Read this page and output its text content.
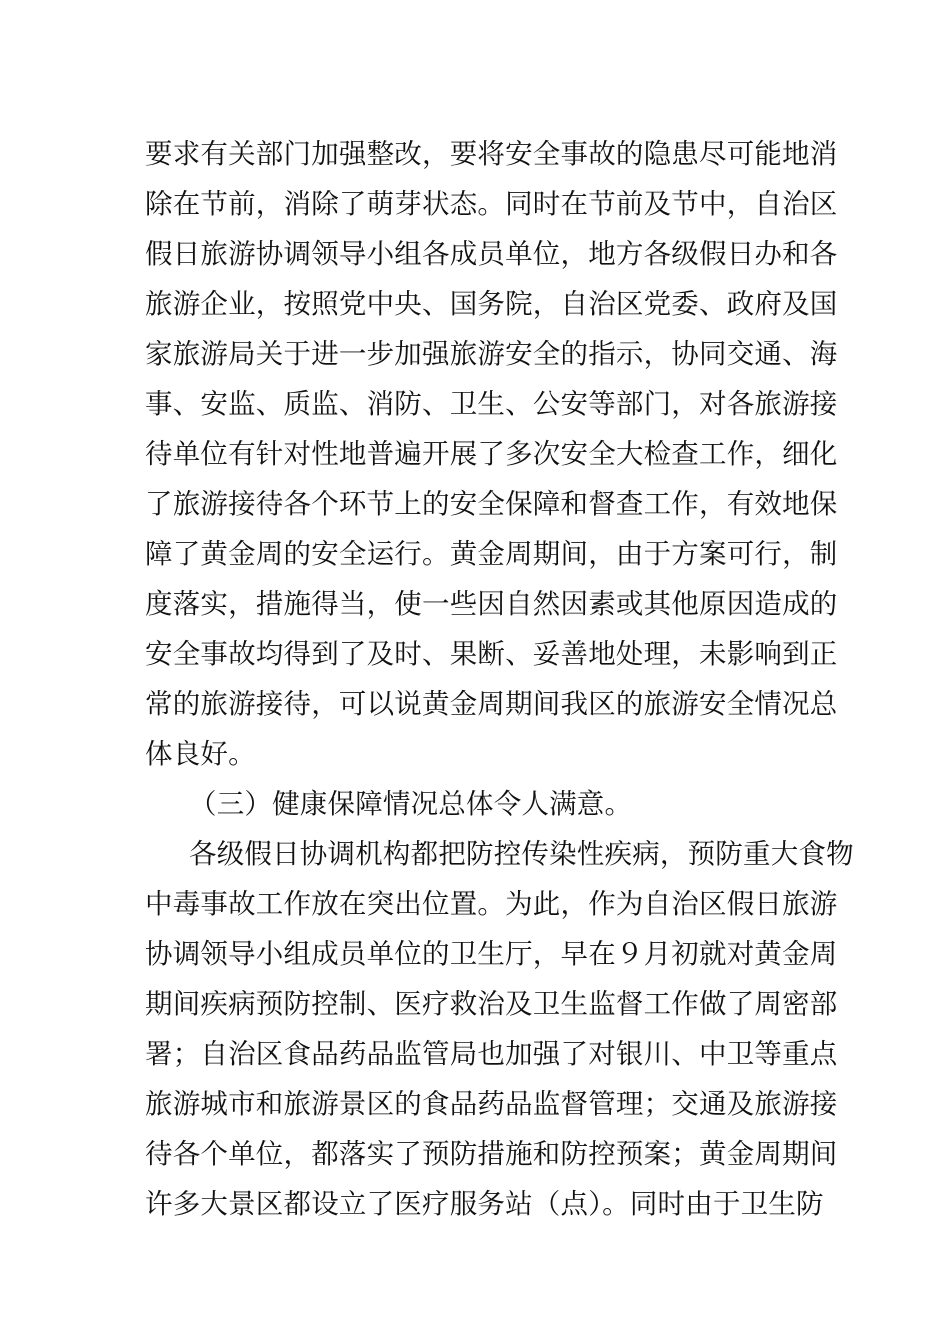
要求有关部门加强整改，要将安全事故的隐患尽可能地消
除在节前，消除了萌芽状态。同时在节前及节中，自治区
假日旅游协调领导小组各成员单位，地方各级假日办和各
旅游企业，按照党中央、国务院，自治区党委、政府及国
家旅游局关于进一步加强旅游安全的指示，协同交通、海
事、安监、质监、消防、卫生、公安等部门，对各旅游接
待单位有针对性地普遍开展了多次安全大检查工作，细化
了旅游接待各个环节上的安全保障和督查工作，有效地保
障了黄金周的安全运行。黄金周期间，由于方案可行，制
度落实，措施得当，使一些因自然因素或其他原因造成的
安全事故均得到了及时、果断、妥善地处理，未影响到正
常的旅游接待，可以说黄金周期间我区的旅游安全情况总
体良好。
（三）健康保障情况总体令人满意。
各级假日协调机构都把防控传染性疾病，预防重大食物
中毒事故工作放在突出位置。为此，作为自治区假日旅游
协调领导小组成员单位的卫生厅，早在９月初就对黄金周
期间疾病预防控制、医疗救治及卫生监督工作做了周密部
署；自治区食品药品监管局也加强了对银川、中卫等重点
旅游城市和旅游景区的食品药品监督管理；交通及旅游接
待各个单位，都落实了预防措施和防控预案；黄金周期间
许多大景区都设立了医疗服务站（点）。同时由于卫生防
